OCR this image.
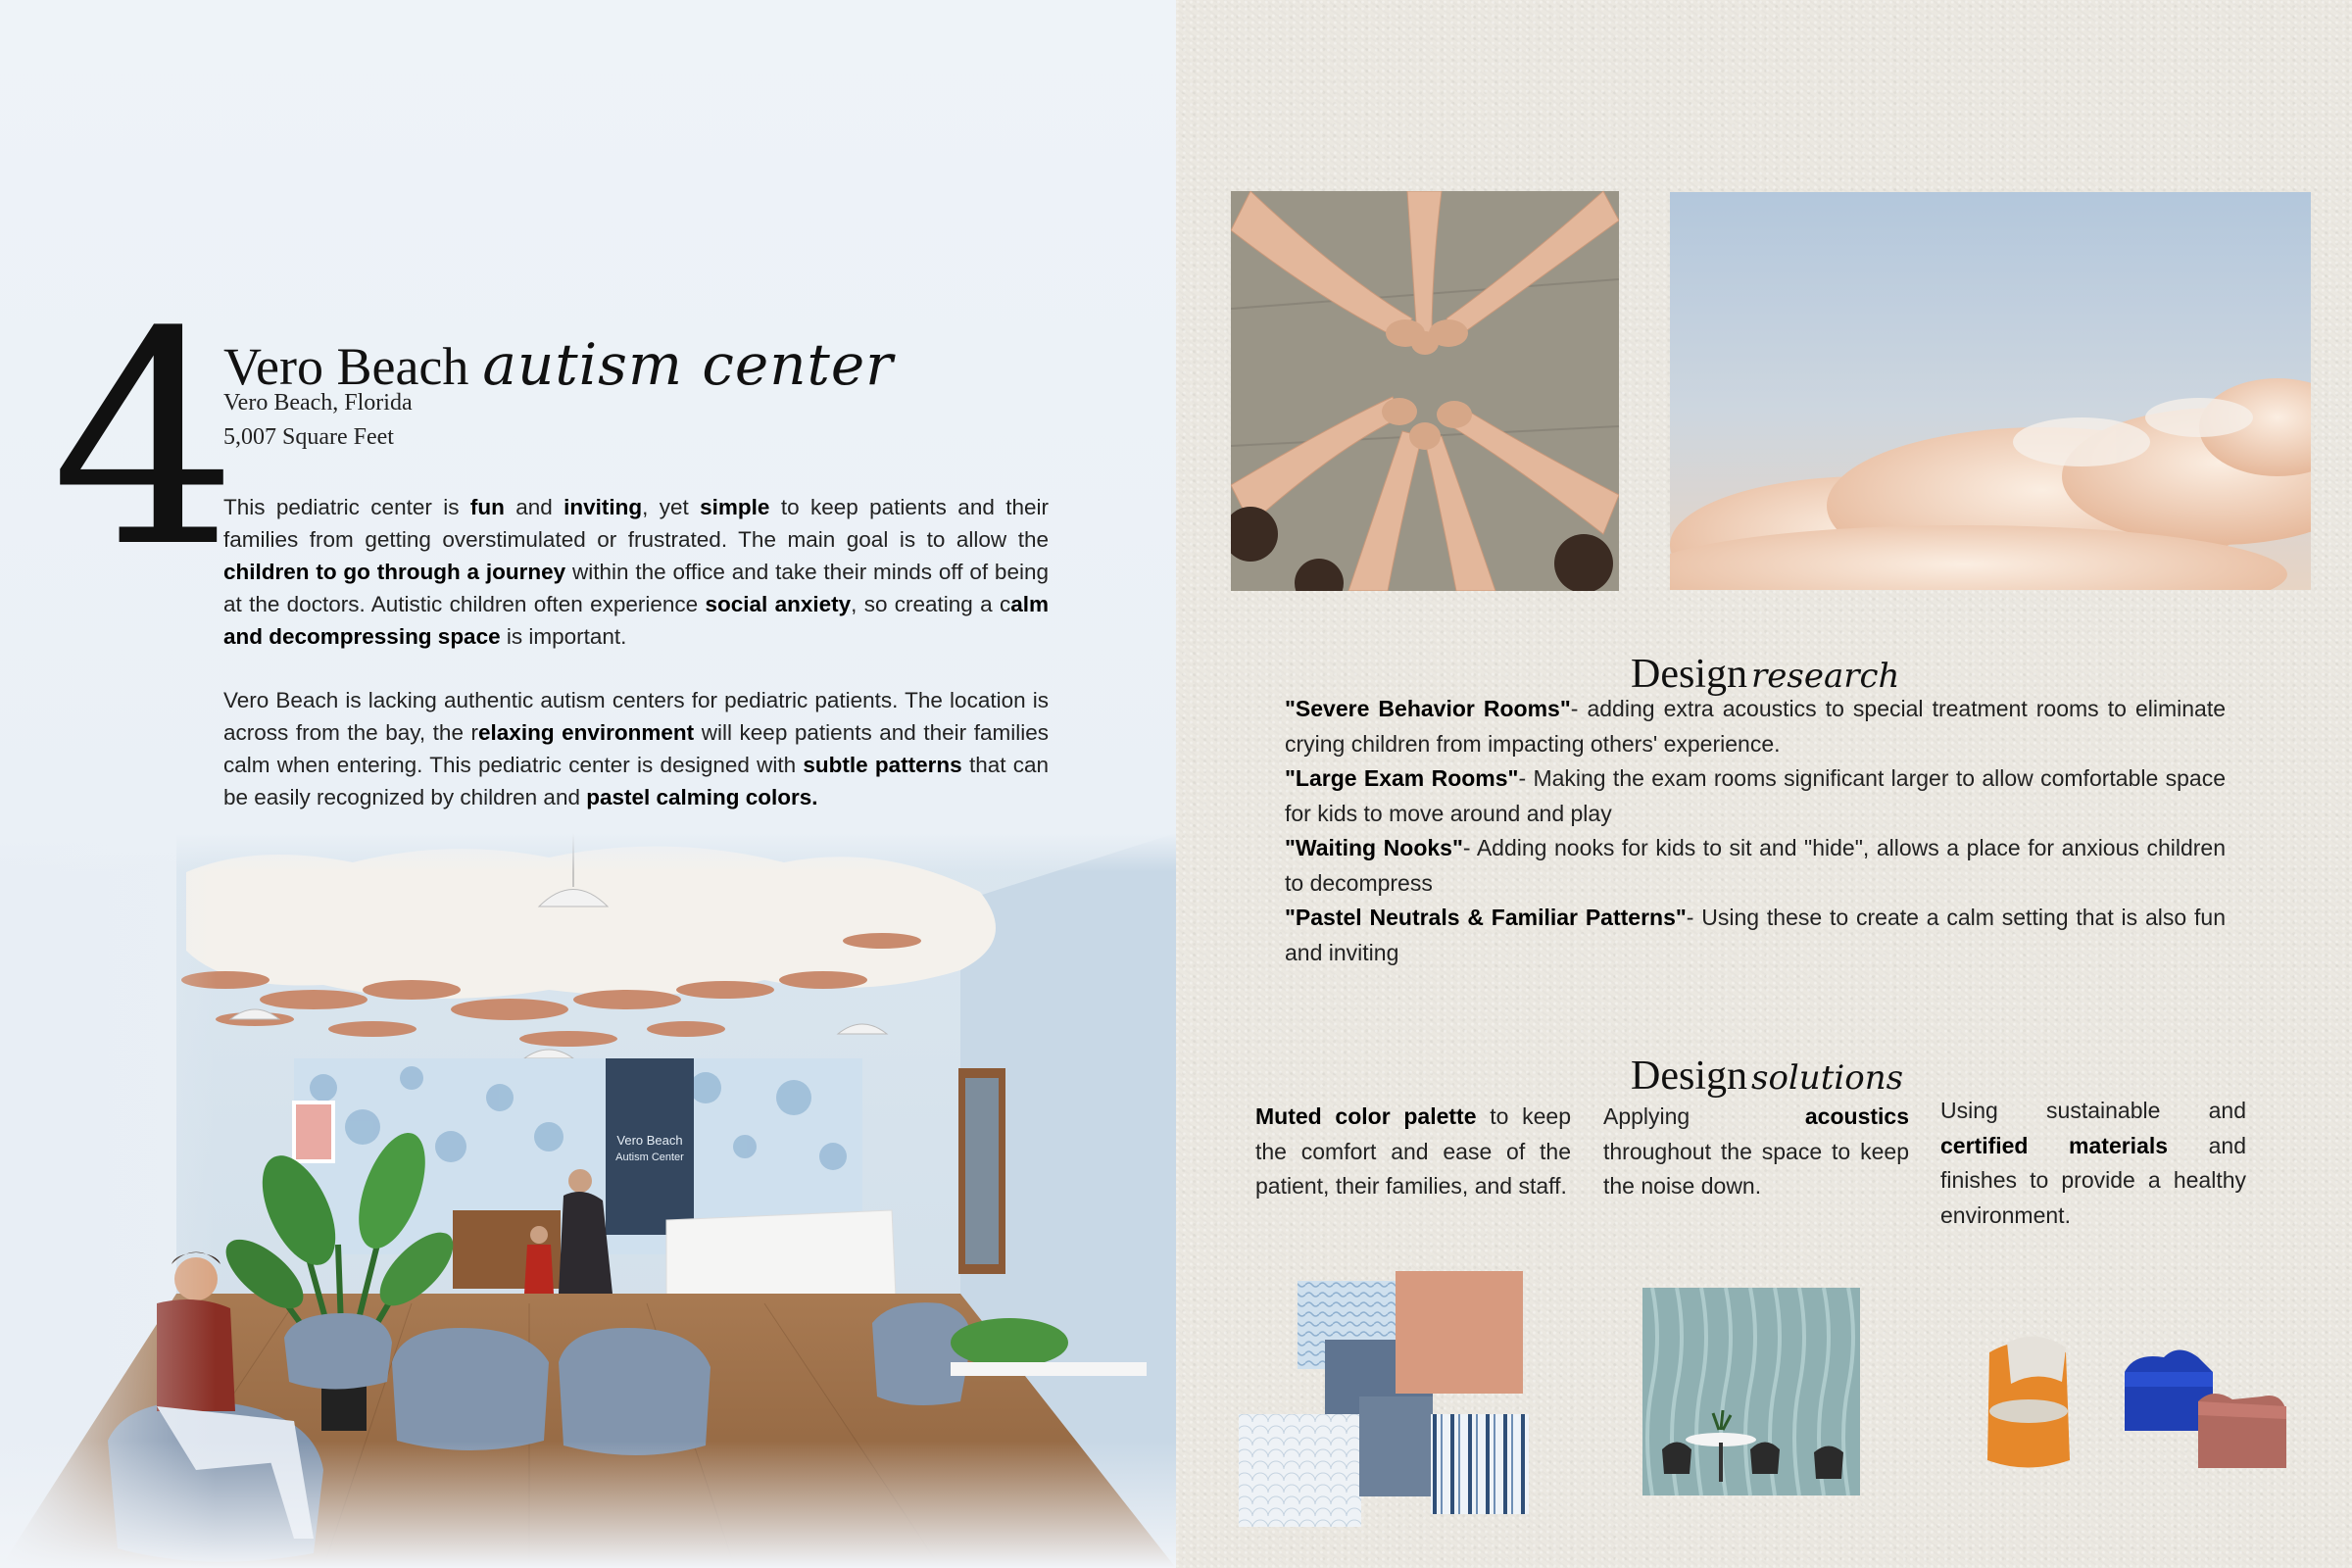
4
Vero Beach autism center
Vero Beach, Florida
5,007 Square Feet
This pediatric center is fun and inviting, yet simple to keep patients and their families from getting overstimulated or frustrated. The main goal is to allow the children to go through a journey within the office and take their minds off of being at the doctors. Autistic children often experience social anxiety, so creating a calm and decompressing space is important.
Vero Beach is lacking authentic autism centers for pediatric patients. The location is across from the bay, the relaxing environment will keep patients and their families calm when entering. This pediatric center is designed with subtle patterns that can be easily recognized by children and pastel calming colors.
Vero Beach
Autism Center
Design research
"Severe Behavior Rooms"- adding extra acoustics to special treatment rooms to eliminate crying children from impacting others' experience.
"Large Exam Rooms"- Making the exam rooms significant larger to allow comfortable space for kids to move around and play
"Waiting Nooks"- Adding nooks for kids to sit and "hide", allows a place for anxious children to decompress
"Pastel Neutrals & Familiar Patterns"- Using these to create a calm setting that is also fun and inviting
Design solutions
Muted color palette to keep the comfort and ease of the patient, their families, and staff.
Applying acoustics throughout the space to keep the noise down.
Using sustainable and certified materials and finishes to provide a healthy environment.
